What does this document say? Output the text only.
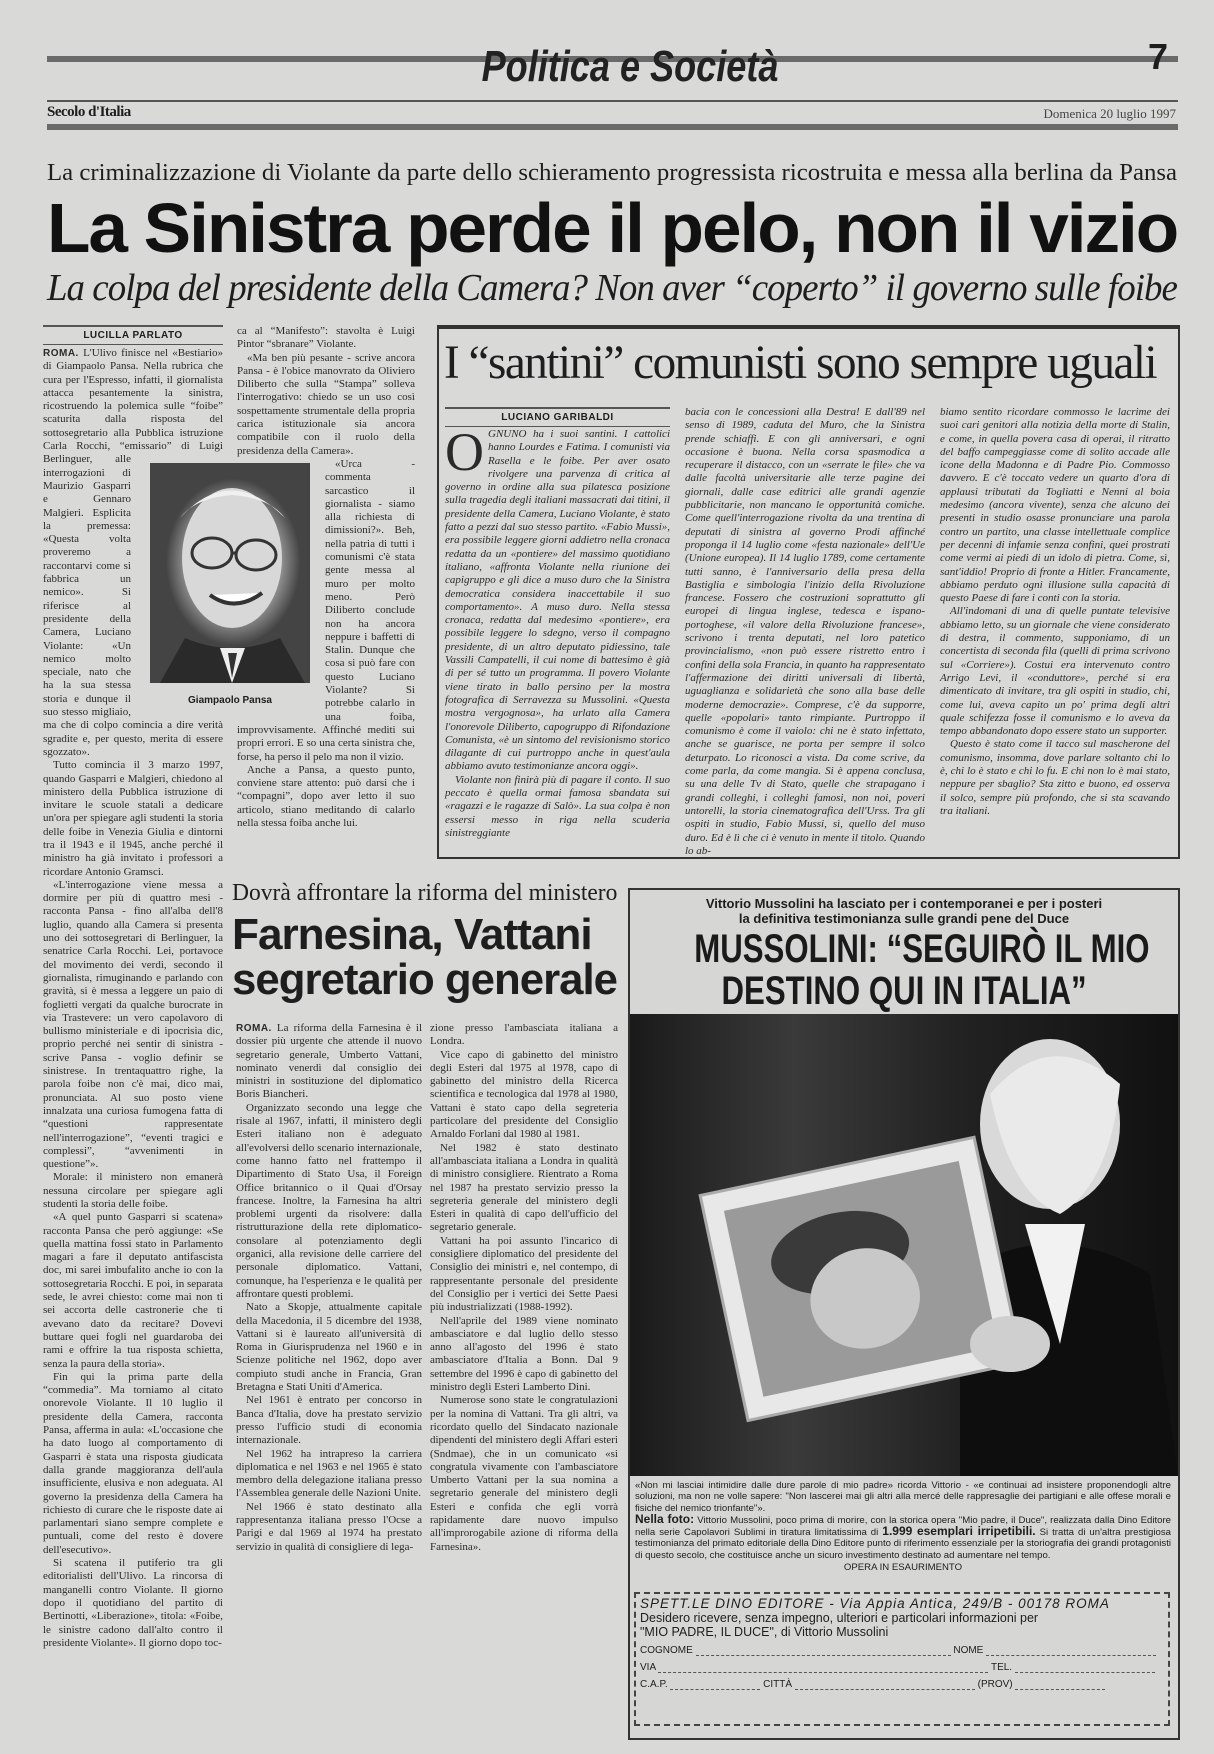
Politica e Società	7
Secolo d'Italia	Domenica 20 luglio 1997
La criminalizzazione di Violante da parte dello schieramento progressista ricostruita e messa alla berlina da Pansa
La Sinistra perde il pelo, non il vizio
La colpa del presidente della Camera? Non aver “coperto” il governo sulle foibe
LUCILLA PARLATO

ROMA. L'Ulivo finisce nel «Bestiario» di Giampaolo Pansa. Nella rubrica che cura per l'Espresso, infatti, il giornalista attacca pesantemente la sinistra, ricostruendo la polemica sulle “foibe” scaturita dalla risposta del sottosegretario alla Pubblica istruzione Carla Rocchi, “emissario” di Luigi Berlinguer, alle interrogazioni di Maurizio Gasparri e Gennaro Malgieri. Esplicita la premessa: «Questa volta proveremo a raccontarvi come si fabbrica un nemico». Si riferisce al presidente della Camera, Luciano Violante: «Un nemico molto speciale, nato che ha la sua stessa storia e dunque il suo stesso migliaio, ma che di colpo comincia a dire verità sgradite e, per questo, merita di essere sgozzato».

Tutto comincia il 3 marzo 1997, quando Gasparri e Malgieri, chiedono al ministero della Pubblica istruzione di invitare le scuole statali a dedicare un'ora per spiegare agli studenti la storia delle foibe in Venezia Giulia e dintorni tra il 1943 e il 1945, anche perché il ministro ha già invitato i professori a ricordare Antonio Gramsci.

«L'interrogazione viene messa a dormire per più di quattro mesi - racconta Pansa - fino all'alba dell'8 luglio, quando alla Camera si presenta uno dei sottosegretari di Berlinguer, la senatrice Carla Rocchi. Lei, portavoce del movimento dei verdi, secondo il giornalista, rimuginando e parlando con gravità, si è messa a leggere un paio di foglietti vergati da qualche burocrate in via Trastevere: un vero capolavoro di bullismo ministeriale e di ipocrisia dic, proprio perché nei sentir di sinistra - scrive Pansa - voglio definir se sinistrese. In trentaquattro righe, la parola foibe non c'è mai, dico mai, pronunciata. Al suo posto viene innalzata una curiosa fumogena fatta di “questioni rappresentate nell'interrogazione”, “eventi tragici e complessi”, “avvenimenti in questione”».

Morale: il ministero non emanerà nessuna circolare per spiegare agli studenti la storia delle foibe.

«A quel punto Gasparri si scatena» racconta Pansa che però aggiunge: «Se quella mattina fossi stato in Parlamento magari a fare il deputato antifascista doc, mi sarei imbufalito anche io con la sottosegretaria Rocchi. E poi, in separata sede, le avrei chiesto: come mai non ti sei accorta delle castronerie che ti avevano dato da recitare? Dovevi buttare quei fogli nel guardaroba dei rami e offrire la tua risposta schietta, senza la paura della storia».

Fin qui la prima parte della “commedia”. Ma torniamo al citato onorevole Violante. Il 10 luglio il presidente della Camera, racconta Pansa, afferma in aula: «L'occasione che ha dato luogo al comportamento di Gasparri è stata una risposta giudicata dalla grande maggioranza dell'aula insufficiente, elusiva e non adeguata. Al governo la presidenza della Camera ha richiesto di curare che le risposte date ai parlamentari siano sempre complete e puntuali, come del resto è dovere dell'esecutivo».

Si scatena il putiferio tra gli editorialisti dell'Ulivo. La rincorsa di manganelli contro Violante. Il giorno dopo il quotidiano del partito di Bertinotti, «Liberazione», titola: «Foibe, le sinistre cadono dall'alto contro il presidente Violante». Il giorno dopo toc-

ca al “Manifesto”: stavolta è Luigi Pintor “sbranare” Violante.

«Ma ben più pesante - scrive ancora Pansa - è l'obice manovrato da Oliviero Diliberto che sulla “Stampa” solleva l'interrogativo: chiedo se un uso così sospettamente strumentale della propria carica istituzionale sia ancora compatibile con il ruolo della presidenza della Camera».

«Urca - commenta sarcastico il giornalista - siamo alla richiesta di dimissioni?». Beh, nella patria di tutti i comunismi c'è stata gente messa al muro per molto meno. Però Diliberto conclude non ha ancora neppure i baffetti di Stalin. Dunque che cosa si può fare con questo Luciano Violante? Si potrebbe calarlo in una foiba, improvvisamente. Affinché mediti sui propri errori. E so una certa sinistra che, forse, ha perso il pelo ma non il vizio.

Anche a Pansa, a questo punto, conviene stare attento: può darsi che i “compagni”, dopo aver letto il suo articolo, stiano meditando di calarlo nella stessa foiba anche lui.

Giampaolo Pansa
I “santini” comunisti sono sempre uguali
LUCIANO GARIBALDI
O GNUNO ha i suoi santini. I cattolici hanno Lourdes e Fatima. I comunisti via Rasella e le foibe. Per aver osato rivolgere una parvenza di critica al governo in ordine alla sua pilatesca posizione sulla tragedia degli italiani massacrati dai titini, il presidente della Camera, Luciano Violante, è stato fatto a pezzi dal suo stesso partito. «Fabio Mussi», era possibile leggere giorni addietro nella cronaca redatta da un «pontiere» del massimo quotidiano italiano, «affronta Violante nella riunione dei capigruppo e gli dice a muso duro che la Sinistra democratica considera inaccettabile il suo comportamento». A muso duro. Nella stessa cronaca, redatta dal medesimo «pontiere», era possibile leggere lo sdegno, verso il compagno presidente, di un altro deputato pidiessino, tale Vassili Campatelli, il cui nome di battesimo è già di per sé tutto un programma. Il povero Violante viene tirato in ballo persino per la mostra fotografica di Serravezza su Mussolini. «Questa mostra vergognosa», ha urlato alla Camera l'onorevole Diliberto, capogruppo di Rifondazione Comunista, «è un sintomo del revisionismo storico dilagante di cui purtroppo anche in quest'aula abbiamo avuto testimonianze ancora oggi».

Violante non finirà più di pagare il conto. Il suo peccato è quella ormai famosa sbandata sui «ragazzi e le ragazze di Salò». La sua colpa è non essersi messo in riga nella scuderia sinistreggiante

bacia con le concessioni alla Destra! E dall'89 nel senso di 1989, caduta del Muro, che la Sinistra prende schiaffi. E con gli anniversari, e ogni occasione è buona. Nella corsa spasmodica a recuperare il distacco, con un «serrate le file» che va dalle facoltà universitarie alle terze pagine dei giornali, dalle case editrici alle grandi agenzie pubblicitarie, non mancano le opportunità comiche. Come quell'interrogazione rivolta da una trentina di deputati di sinistra al governo Prodi affinché proponga il 14 luglio come «festa nazionale» dell'Ue (Unione europea). Il 14 luglio 1789, come certamente tutti sanno, è l'anniversario della presa della Bastiglia e simbologia l'inizio della Rivoluzione francese. Fossero che costruzioni soprattutto gli europei di lingua inglese, tedesca e ispano-portoghese, «il valore della Rivoluzione francese», scrivono i trenta deputati, nel loro patetico provincialismo, «non può essere ristretto entro i confini della sola Francia, in quanto ha rappresentato l'affermazione dei diritti universali di libertà, uguaglianza e solidarietà che sono alla base delle moderne democrazie». Comprese, c'è da supporre, quelle «popolari» tanto rimpiante. Purtroppo il comunismo è come il vaiolo: chi ne è stato infettato, anche se guarisce, ne porta per sempre il solco deturpato. Lo riconosci a vista. Da come scrive, da come parla, da come mangia. Si è appena conclusa, su una delle Tv di Stato, quelle che strapagano i grandi colleghi, i colleghi famosi, non noi, poveri untorelli, la storia cinematografica dell'Urss. Tra gli ospiti in studio, Fabio Mussi, sì, quello del muso duro. Ed è lì che ci è venuto in mente il titolo. Quando lo ab-

biamo sentito ricordare commosso le lacrime dei suoi cari genitori alla notizia della morte di Stalin, e come, in quella povera casa di operai, il ritratto del baffo campeggiasse come di solito accade alle icone della Madonna e di Padre Pio. Commosso davvero. E c'è toccato vedere un quarto d'ora di applausi tributati da Togliatti e Nenni al boia medesimo (ancora vivente), senza che alcuno dei presenti in studio osasse pronunciare una parola contro un partito, una classe intellettuale complice per decenni di infamie senza confini, quei prostrati come vermi ai piedi di un idolo di pietra. Come, sì, sant'iddio! Proprio di fronte a Hitler. Francamente, abbiamo perduto ogni illusione sulla capacità di questo Paese di fare i conti con la storia.

All'indomani di una di quelle puntate televisive abbiamo letto, su un giornale che viene considerato di destra, il commento, supponiamo, di un concertista di seconda fila (quelli di prima scrivono sul «Corriere»). Costui era intervenuto contro Arrigo Levi, il «conduttore», perché si era dimenticato di invitare, tra gli ospiti in studio, chi, come lui, aveva capito un po' prima degli altri quale schifezza fosse il comunismo e lo aveva da tempo abbandonato dopo essere stato un supporter.

Questo è stato come il tacco sul mascherone del comunismo, insomma, dove parlare soltanto chi lo è, chi lo è stato e chi lo fu. E chi non lo è mai stato, neppure per sbaglio? Sta zitto e buono, ed osserva il solco, sempre più profondo, che si sta scavando tra italiani.

Dovrà affrontare la riforma del ministero
Farnesina, Vattani
segretario generale

ROMA. La riforma della Farnesina è il dossier più urgente che attende il nuovo segretario generale, Umberto Vattani, nominato venerdì dal consiglio dei ministri in sostituzione del diplomatico Boris Biancheri.

Organizzato secondo una legge che risale al 1967, infatti, il ministero degli Esteri italiano non è adeguato all'evolversi dello scenario internazionale, come hanno fatto nel frattempo il Dipartimento di Stato Usa, il Foreign Office britannico o il Quai d'Orsay francese. Inoltre, la Farnesina ha altri problemi urgenti da risolvere: dalla ristrutturazione della rete diplomatico-consolare al potenziamento degli organici, alla revisione delle carriere del personale diplomatico. Vattani, comunque, ha l'esperienza e le qualità per affrontare questi problemi.

Nato a Skopje, attualmente capitale della Macedonia, il 5 dicembre del 1938, Vattani si è laureato all'università di Roma in Giurisprudenza nel 1960 e in Scienze politiche nel 1962, dopo aver compiuto studi anche in Francia, Gran Bretagna e Stati Uniti d'America.

Nel 1961 è entrato per concorso in Banca d'Italia, dove ha prestato servizio presso l'ufficio studi di economia internazionale.

Nel 1962 ha intrapreso la carriera diplomatica e nel 1963 e nel 1965 è stato membro della delegazione italiana presso l'Assemblea generale delle Nazioni Unite.

Nel 1966 è stato destinato alla rappresentanza italiana presso l'Ocse a Parigi e dal 1969 al 1974 ha prestato servizio in qualità di consigliere di lega-

zione presso l'ambasciata italiana a Londra.

Vice capo di gabinetto del ministro degli Esteri dal 1975 al 1978, capo di gabinetto del ministro della Ricerca scientifica e tecnologica dal 1978 al 1980, Vattani è stato capo della segreteria particolare del presidente del Consiglio Arnaldo Forlani dal 1980 al 1981.

Nel 1982 è stato destinato all'ambasciata italiana a Londra in qualità di ministro consigliere. Rientrato a Roma nel 1987 ha prestato servizio presso la segreteria generale del ministero degli Esteri in qualità di capo dell'ufficio del segretario generale.

Vattani ha poi assunto l'incarico di consigliere diplomatico del presidente del Consiglio dei ministri e, nel contempo, di rappresentante personale del presidente del Consiglio per i vertici dei Sette Paesi più industrializzati (1988-1992).

Nell'aprile del 1989 viene nominato ambasciatore e dal luglio dello stesso anno all'agosto del 1996 è stato ambasciatore d'Italia a Bonn. Dal 9 settembre del 1996 è capo di gabinetto del ministro degli Esteri Lamberto Dini.

Numerose sono state le congratulazioni per la nomina di Vattani. Tra gli altri, va ricordato quello del Sindacato nazionale dipendenti del ministero degli Affari esteri (Sndmae), che in un comunicato «si congratula vivamente con l'ambasciatore Umberto Vattani per la sua nomina a segretario generale del ministero degli Esteri e confida che egli vorrà rapidamente dare nuovo impulso all'improrogabile azione di riforma della Farnesina».

Vittorio Mussolini ha lasciato per i contemporanei e per i posteri
la definitiva testimonianza sulle grandi pene del Duce
MUSSOLINI: “SEGUIRÒ IL MIO
DESTINO QUI IN ITALIA”
«Non mi lasciai intimidire dalle dure parole di mio padre» ricorda Vittorio - «e continuai ad insistere proponendogli altre soluzioni, ma non ne volle sapere: "Non lascerei mai gli altri alla mercé delle rappresaglie dei partigiani e alle offese morali e fisiche del nemico trionfante"».
Nella foto: Vittorio Mussolini, poco prima di morire, con la storica opera "Mio padre, il Duce", realizzata dalla Dino Editore nella serie Capolavori Sublimi in tiratura limitatissima di 1.999 esemplari irripetibili. Si tratta di un'altra prestigiosa testimonianza del primato editoriale della Dino Editore punto di riferimento essenziale per la storiografia dei grandi protagonisti di questo secolo, che costituisce anche un sicuro investimento destinato ad aumentare nel tempo.
OPERA IN ESAURIMENTO
SPETT.LE DINO EDITORE - Via Appia Antica, 249/B - 00178 ROMA
Desidero ricevere, senza impegno, ulteriori e particolari informazioni per
"MIO PADRE, IL DUCE", di Vittorio Mussolini
COGNOME	NOME
VIA	TEL.
C.A.P.	CITTÀ	(PROV)
